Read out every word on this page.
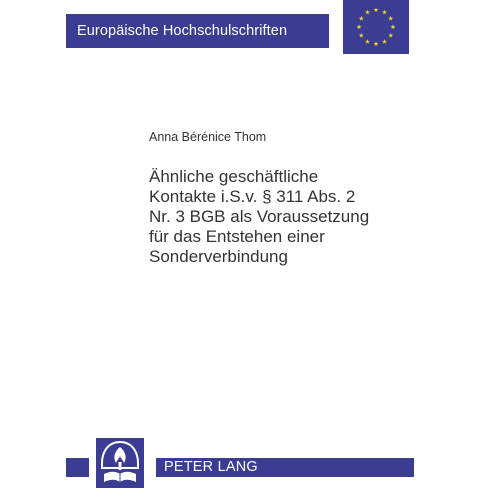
Europäische Hochschulschriften
Anna Bérénice Thom
Ähnliche geschäftliche
Kontakte i.S.v. § 311 Abs. 2
Nr. 3 BGB als Voraussetzung
für das Entstehen einer
Sonderverbindung
PETER LANG
